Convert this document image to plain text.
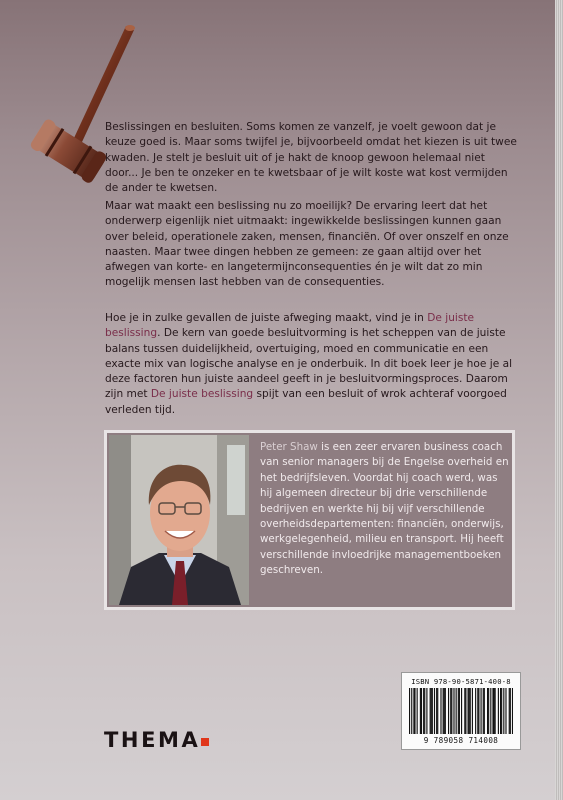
Beslissingen en besluiten. Soms komen ze vanzelf, je voelt gewoon dat je keuze goed is. Maar soms twijfel je, bijvoorbeeld omdat het kiezen is uit twee kwaden. Je stelt je besluit uit of je hakt de knoop gewoon helemaal niet door... Je ben te onzeker en te kwetsbaar of je wilt koste wat kost vermijden de ander te kwetsen.

Maar wat maakt een beslissing nu zo moeilijk? De ervaring leert dat het onderwerp eigenlijk niet uitmaakt: ingewikkelde beslissingen kunnen gaan over beleid, operationele zaken, mensen, financiën. Of over onszelf en onze naasten. Maar twee dingen hebben ze gemeen: ze gaan altijd over het afwegen van korte- en langetermijnconsequenties én je wilt dat zo min mogelijk mensen last hebben van de consequenties.

Hoe je in zulke gevallen de juiste afweging maakt, vind je in De juiste beslissing. De kern van goede besluitvorming is het scheppen van de juiste balans tussen duidelijkheid, overtuiging, moed en communicatie en een exacte mix van logische analyse en je onderbuik. In dit boek leer je hoe je al deze factoren hun juiste aandeel geeft in je besluitvormingsproces. Daarom zijn met De juiste beslissing spijt van een besluit of wrok achteraf voorgoed verleden tijd.

Peter Shaw is een zeer ervaren business coach van senior managers bij de Engelse overheid en het bedrijfsleven. Voordat hij coach werd, was hij algemeen directeur bij drie verschillende bedrijven en werkte hij bij vijf verschillende overheidsdepartementen: financiën, onderwijs, werkgelegenheid, milieu en transport. Hij heeft verschillende invloedrijke managementboeken geschreven.
ISBN 978-90-5871-400-8
9 789058 714008
THEMA
